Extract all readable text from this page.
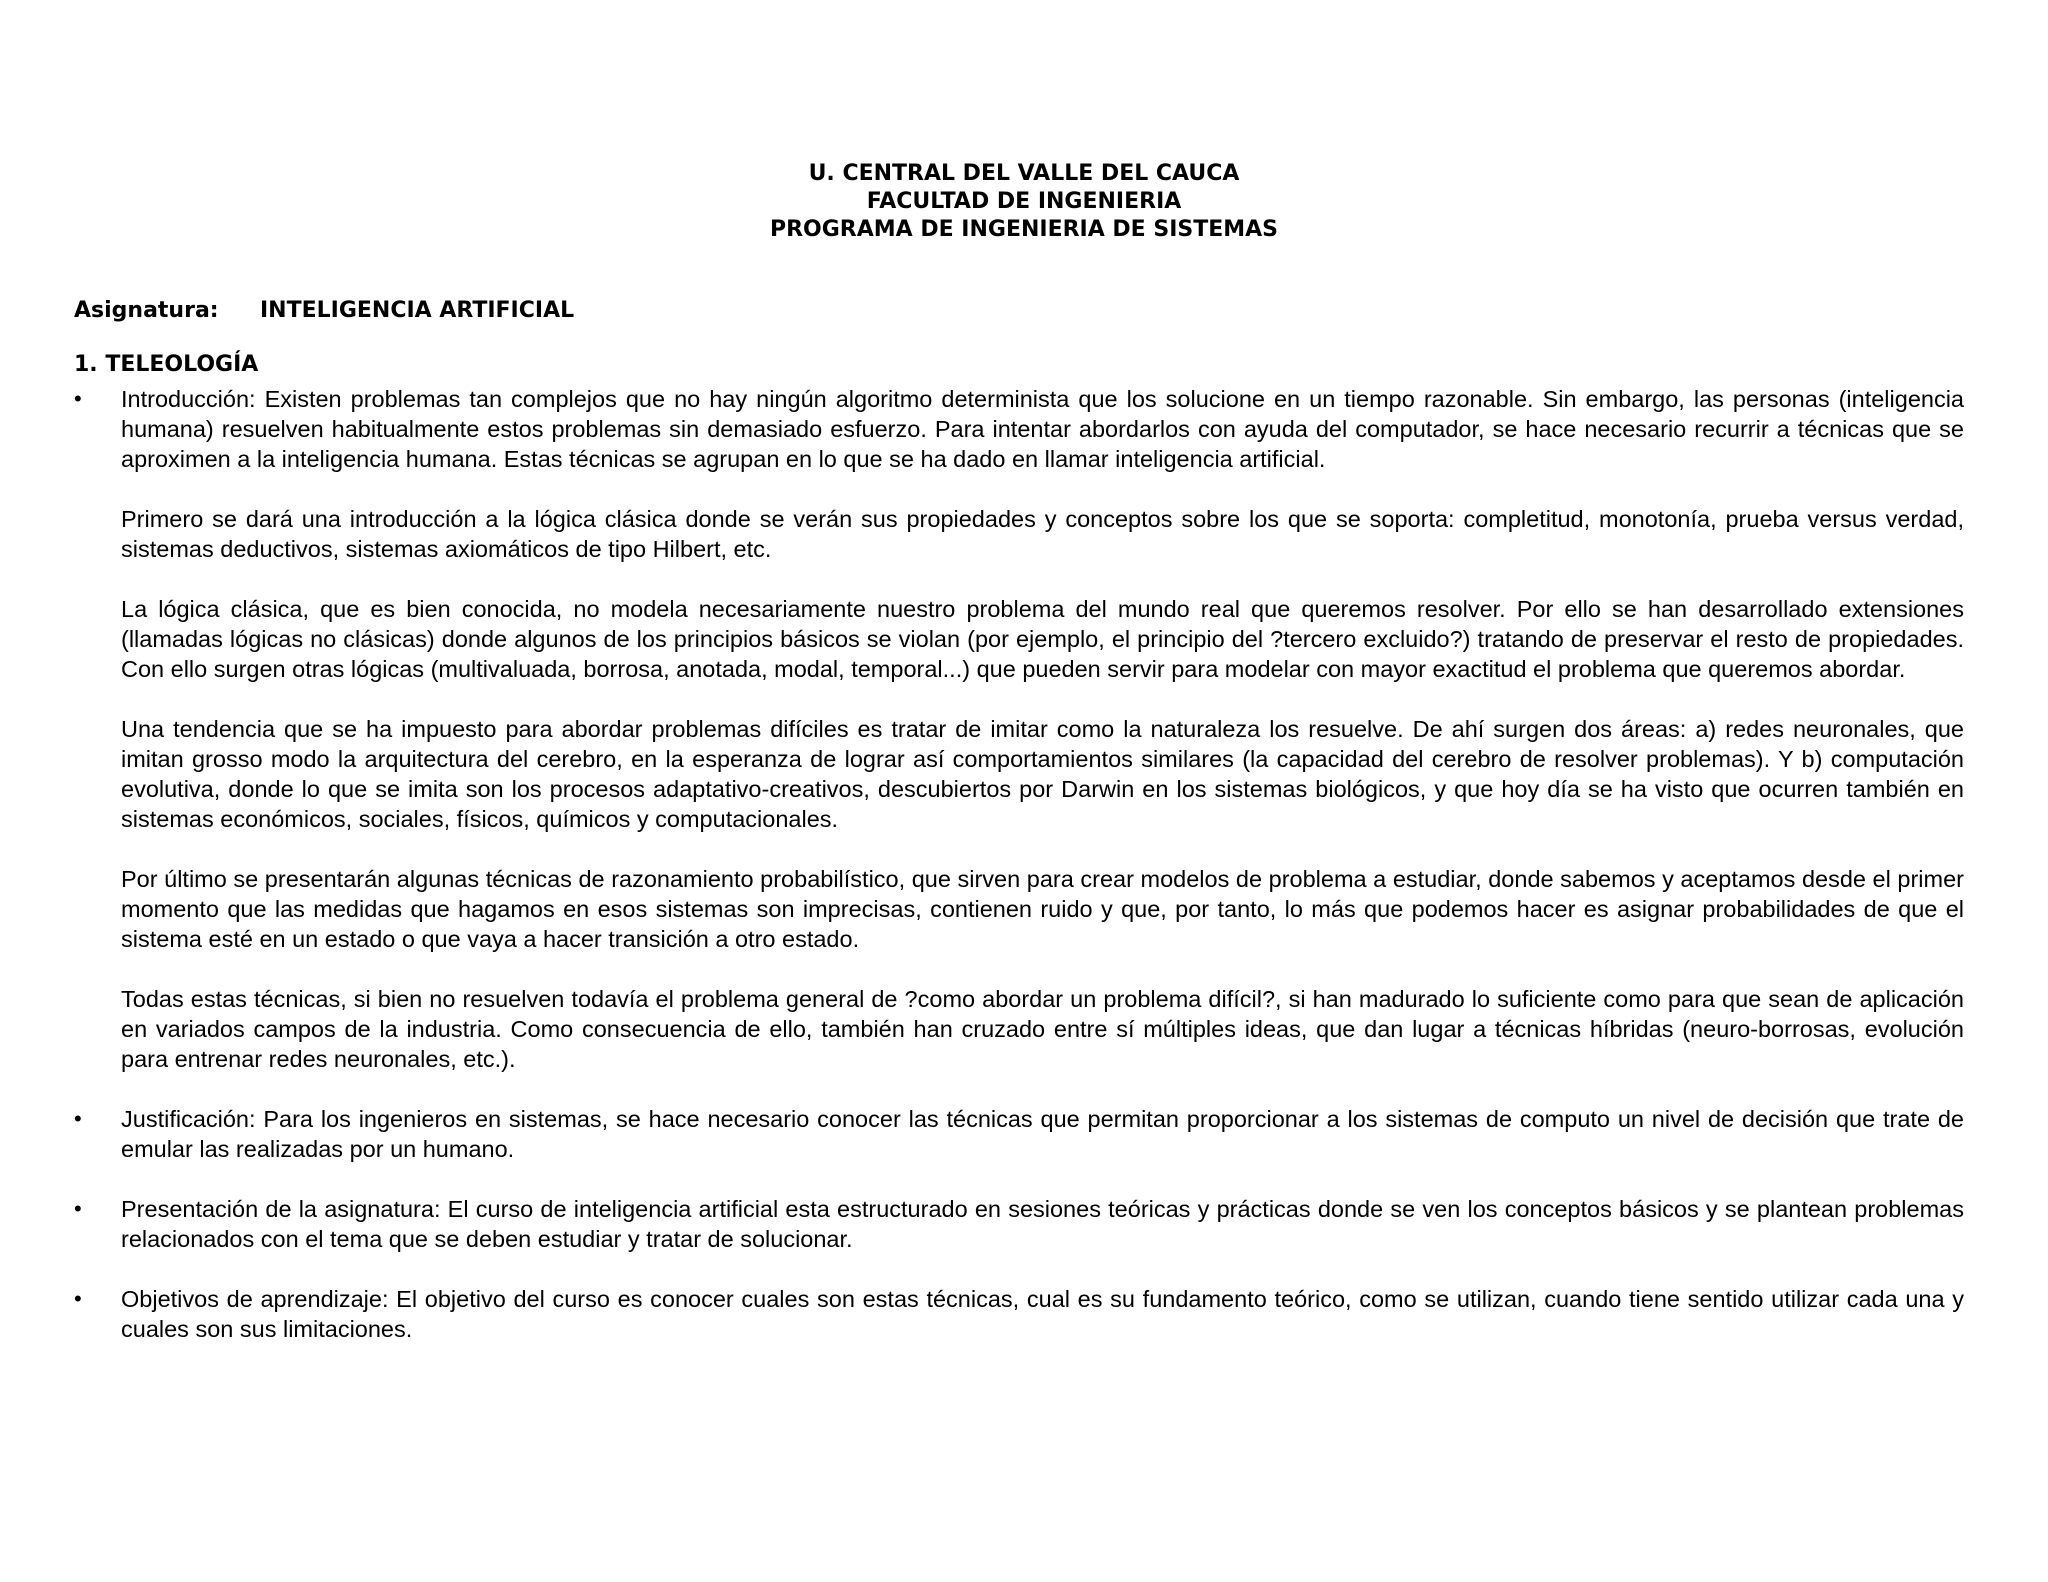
U. CENTRAL DEL VALLE DEL CAUCA
FACULTAD DE INGENIERIA
PROGRAMA DE INGENIERIA DE SISTEMAS
Asignatura: INTELIGENCIA ARTIFICIAL
1. TELEOLOGÍA
•	Introducción: Existen problemas tan complejos que no hay ningún algoritmo determinista que los solucione en un tiempo razonable. Sin embargo, las personas (inteligencia humana) resuelven habitualmente estos problemas sin demasiado esfuerzo. Para intentar abordarlos con ayuda del computador, se hace necesario recurrir a técnicas que se aproximen a la inteligencia humana. Estas técnicas se agrupan en lo que se ha dado en llamar inteligencia artificial.
Primero se dará una introducción a la lógica clásica donde se verán sus propiedades y conceptos sobre los que se soporta: completitud, monotonía, prueba versus verdad, sistemas deductivos, sistemas axiomáticos de tipo Hilbert, etc.
La lógica clásica, que es bien conocida, no modela necesariamente nuestro problema del mundo real que queremos resolver. Por ello se han desarrollado extensiones (llamadas lógicas no clásicas) donde algunos de los principios básicos se violan (por ejemplo, el principio del ?tercero excluido?) tratando de preservar el resto de propiedades. Con ello surgen otras lógicas (multivaluada, borrosa, anotada, modal, temporal...) que pueden servir para modelar con mayor exactitud el problema que queremos abordar.
Una tendencia que se ha impuesto para abordar problemas difíciles es tratar de imitar como la naturaleza los resuelve. De ahí surgen dos áreas: a) redes neuronales, que imitan grosso modo la arquitectura del cerebro, en la esperanza de lograr así comportamientos similares (la capacidad del cerebro de resolver problemas). Y b) computación evolutiva, donde lo que se imita son los procesos adaptativo-creativos, descubiertos por Darwin en los sistemas biológicos, y que hoy día se ha visto que ocurren también en sistemas económicos, sociales, físicos, químicos y computacionales.
Por último se presentarán algunas técnicas de razonamiento probabilístico, que sirven para crear modelos de problema a estudiar, donde sabemos y aceptamos desde el primer momento que las medidas que hagamos en esos sistemas son imprecisas, contienen ruido y que, por tanto, lo más que podemos hacer es asignar probabilidades de que el sistema esté en un estado o que vaya a hacer transición a otro estado.
Todas estas técnicas, si bien no resuelven todavía el problema general de ?como abordar un problema difícil?, si han madurado lo suficiente como para que sean de aplicación en variados campos de la industria. Como consecuencia de ello, también han cruzado entre sí múltiples ideas, que dan lugar a técnicas híbridas (neuro-borrosas, evolución para entrenar redes neuronales, etc.).
•	Justificación: Para los ingenieros en sistemas, se hace necesario conocer las técnicas que permitan proporcionar a los sistemas de computo un nivel de decisión que trate de emular las realizadas por un humano.
•	Presentación de la asignatura: El curso de inteligencia artificial esta estructurado en sesiones teóricas y prácticas donde se ven los conceptos básicos y se plantean problemas relacionados con el tema que se deben estudiar y tratar de solucionar.
•	Objetivos de aprendizaje: El objetivo del curso es conocer cuales son estas técnicas, cual es su fundamento teórico, como se utilizan, cuando tiene sentido utilizar cada una y cuales son sus limitaciones.
